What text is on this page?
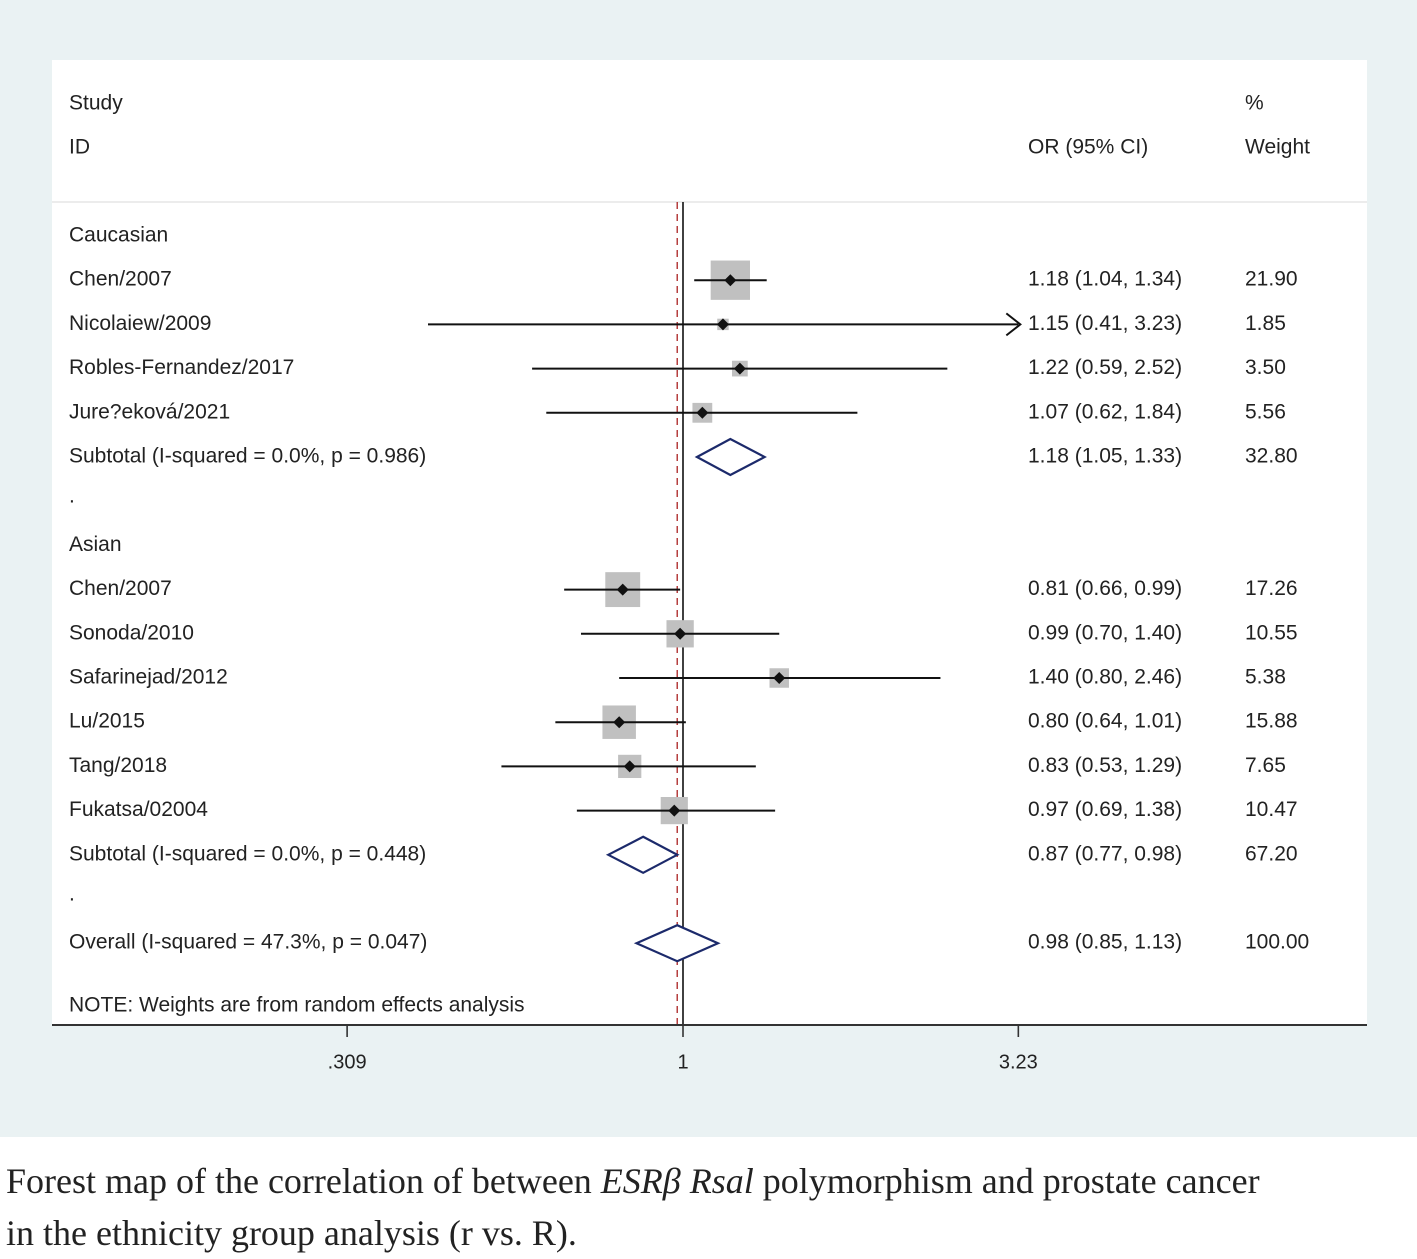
Study
ID	OR (95% CI)
%
Weight
Caucasian
Chen/2007	1.18 (1.04, 1.34)	21.90
Nicolaiew/2009	1.15 (0.41, 3.23)	1.85
Robles-Fernandez/2017	1.22 (0.59, 2.52)	3.50
Jure?eková/2021	1.07 (0.62, 1.84)	5.56
Subtotal (I-squared = 0.0%, p = 0.986)	1.18 (1.05, 1.33)	32.80
.
Asian
Chen/2007	0.81 (0.66, 0.99)	17.26
Sonoda/2010	0.99 (0.70, 1.40)	10.55
Safarinejad/2012	1.40 (0.80, 2.46)	5.38
Lu/2015	0.80 (0.64, 1.01)	15.88
Tang/2018	0.83 (0.53, 1.29)	7.65
Fukatsa/02004	0.97 (0.69, 1.38)	10.47
Subtotal (I-squared = 0.0%, p = 0.448)	0.87 (0.77, 0.98)	67.20
.
Overall (I-squared = 47.3%, p = 0.047)	0.98 (0.85, 1.13)	100.00
NOTE: Weights are from random effects analysis
.309	1	3.23

Forest map of the correlation of between ESRβ Rsal polymorphism and prostate cancer
in the ethnicity group analysis (r vs. R).
